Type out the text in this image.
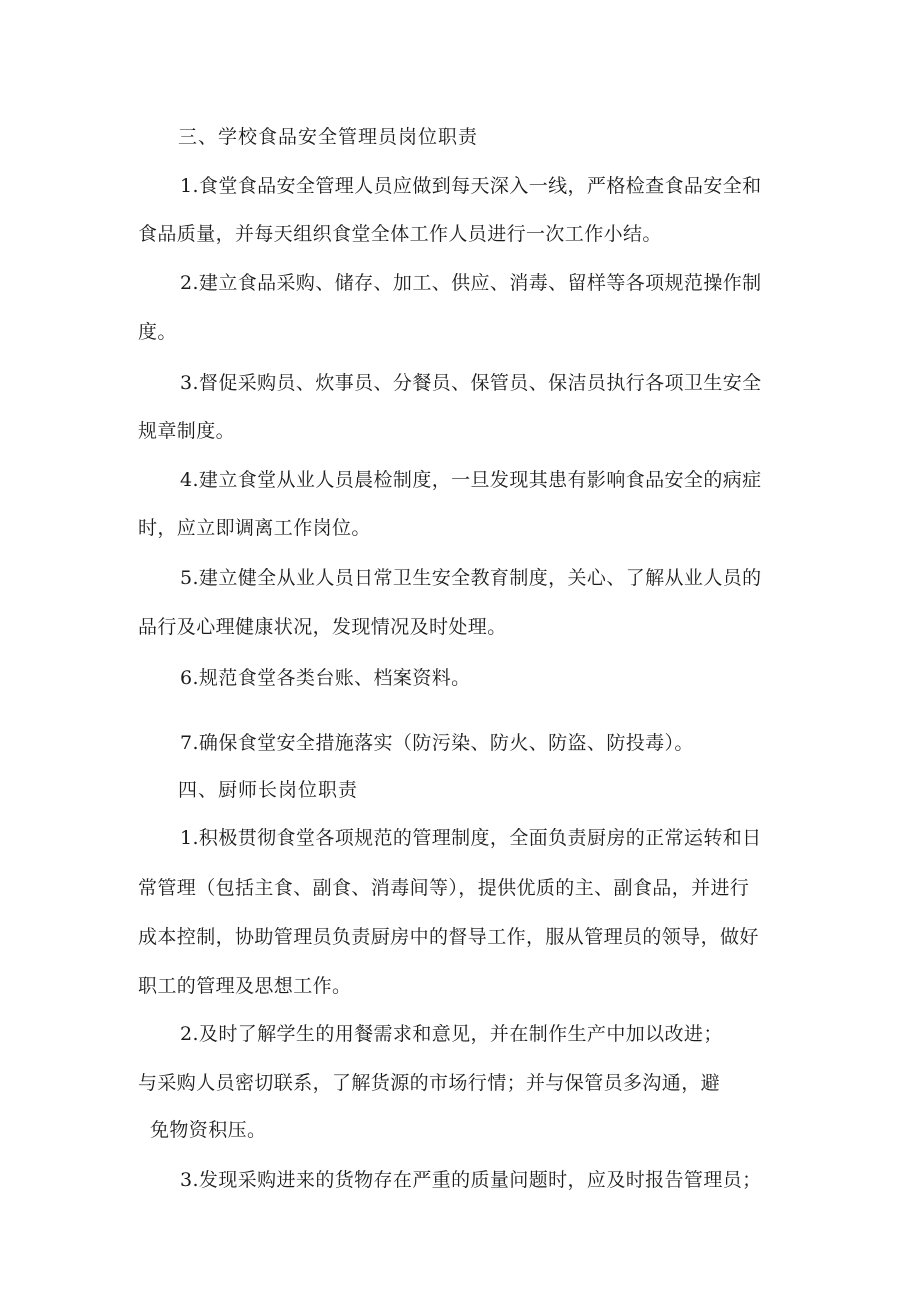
三、学校食品安全管理员岗位职责
1.食堂食品安全管理人员应做到每天深入一线，严格检查食品安全和
食品质量，并每天组织食堂全体工作人员进行一次工作小结。
2.建立食品采购、储存、加工、供应、消毒、留样等各项规范操作制
度。
3.督促采购员、炊事员、分餐员、保管员、保洁员执行各项卫生安全
规章制度。
4.建立食堂从业人员晨检制度，一旦发现其患有影响食品安全的病症
时，应立即调离工作岗位。
5.建立健全从业人员日常卫生安全教育制度，关心、了解从业人员的
品行及心理健康状况，发现情况及时处理。
6.规范食堂各类台账、档案资料。
7.确保食堂安全措施落实（防污染、防火、防盗、防投毒）。
四、厨师长岗位职责
1.积极贯彻食堂各项规范的管理制度，全面负责厨房的正常运转和日
常管理（包括主食、副食、消毒间等），提供优质的主、副食品，并进行
成本控制，协助管理员负责厨房中的督导工作，服从管理员的领导，做好
职工的管理及思想工作。
2.及时了解学生的用餐需求和意见，并在制作生产中加以改进；
与采购人员密切联系，了解货源的市场行情；并与保管员多沟通，避
免物资积压。
3.发现采购进来的货物存在严重的质量问题时，应及时报告管理员；
